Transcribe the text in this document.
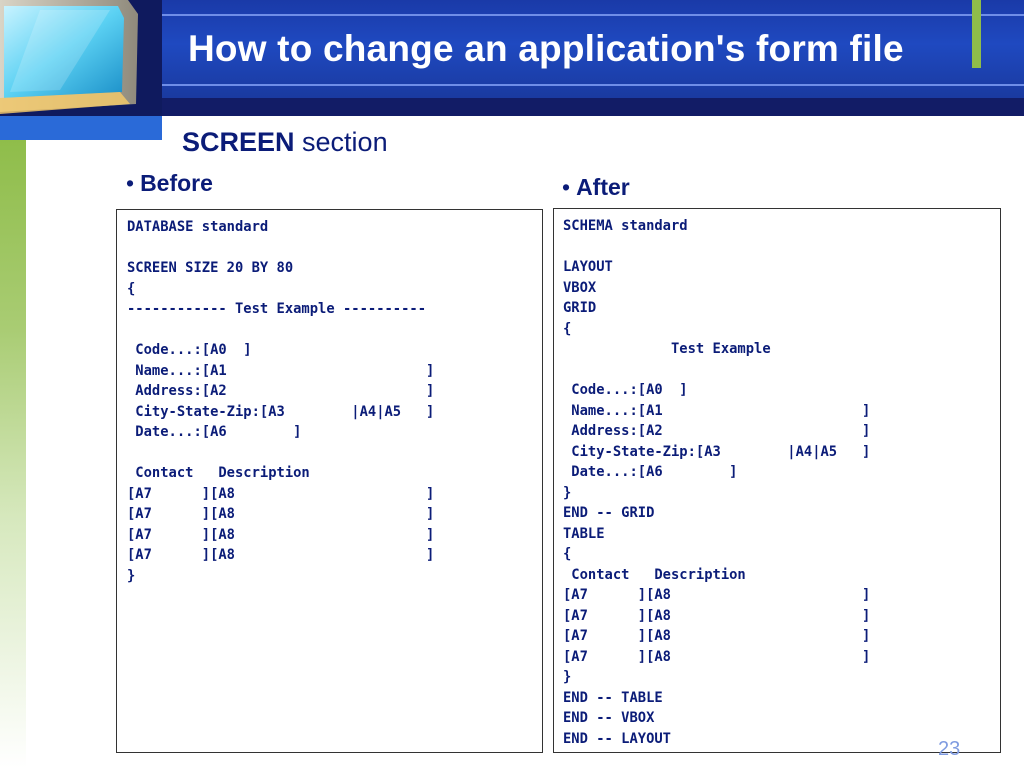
How to change an application's form file
SCREEN section
• Before	• After
DATABASE standard

SCREEN SIZE 20 BY 80
{
------------ Test Example ----------

Code...:[A0  ]
Name...:[A1                        ]
Address:[A2                        ]
City-State-Zip:[A3        |A4|A5   ]
Date...:[A6        ]

Contact   Description
[A7      ][A8                       ]
[A7      ][A8                       ]
[A7      ][A8                       ]
[A7      ][A8                       ]
}
SCHEMA standard

LAYOUT
VBOX
GRID
{
Test Example

Code...:[A0  ]
Name...:[A1                        ]
Address:[A2                        ]
City-State-Zip:[A3        |A4|A5   ]
Date...:[A6        ]
}
END -- GRID
TABLE
{
Contact   Description
[A7      ][A8                       ]
[A7      ][A8                       ]
[A7      ][A8                       ]
[A7      ][A8                       ]
}
END -- TABLE
END -- VBOX
END -- LAYOUT	23
